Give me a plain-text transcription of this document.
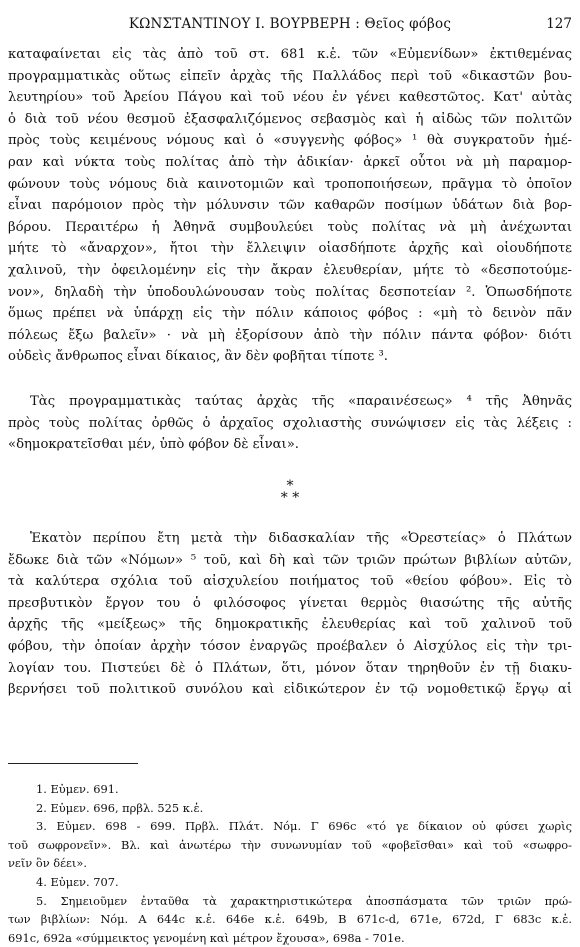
ΚΩΝΣΤΑΝΤΙΝΟΥ Ι. ΒΟΥΡΒΕΡΗ : Θεῖος φόβος	127
καταφαίνεται εἰς τὰς ἀπὸ τοῦ στ. 681 κ.ἑ. τῶν «Εὐμενίδων» ἐκτιθεμένας
προγραμματικὰς οὕτως εἰπεῖν ἀρχὰς τῆς Παλλάδος περὶ τοῦ «δικαστῶν βου-
λευτηρίου» τοῦ Ἀρείου Πάγου καὶ τοῦ νέου ἐν γένει καθεστῶτος. Κατ' αὐτὰς
ὁ διὰ τοῦ νέου θεσμοῦ ἐξασφαλιζόμενος σεβασμὸς καὶ ἡ αἰδὼς τῶν πολιτῶν
πρὸς τοὺς κειμένους νόμους καὶ ὁ «συγγενὴς φόβος» ¹ θὰ συγκρατοῦν ἡμέ-
ραν καὶ νύκτα τοὺς πολίτας ἀπὸ τὴν ἀδικίαν· ἀρκεῖ οὗτοι νὰ μὴ παραμορ-
φώνουν τοὺς νόμους διὰ καινοτομιῶν καὶ τροποποιήσεων, πρᾶγμα τὸ ὁποῖον
εἶναι παρόμοιον πρὸς τὴν μόλυνσιν τῶν καθαρῶν ποσίμων ὑδάτων διὰ βορ-
βόρου. Περαιτέρω ἡ Ἀθηνᾶ συμβουλεύει τοὺς πολίτας νὰ μὴ ἀνέχωνται
μήτε τὸ «ἄναρχον», ἤτοι τὴν ἔλλειψιν οἱασδήποτε ἀρχῆς καὶ οἱουδήποτε
χαλινοῦ, τὴν ὀφειλομένην εἰς τὴν ἄκραν ἐλευθερίαν, μήτε τὸ «δεσποτούμε-
νον», δηλαδὴ τὴν ὑποδουλώνουσαν τοὺς πολίτας δεσποτείαν ². Ὁπωσδήποτε
ὅμως πρέπει νὰ ὑπάρχῃ εἰς τὴν πόλιν κάποιος φόβος : «μὴ τὸ δεινὸν πᾶν
πόλεως ἔξω βαλεῖν» · νὰ μὴ ἐξορίσουν ἀπὸ τὴν πόλιν πάντα φόβον· διότι
οὐδεὶς ἄνθρωπος εἶναι δίκαιος, ἂν δὲν φοβῆται τίποτε ³.
Τὰς προγραμματικὰς ταύτας ἀρχὰς τῆς «παραινέσεως» ⁴ τῆς Ἀθηνᾶς
πρὸς τοὺς πολίτας ὀρθῶς ὁ ἀρχαῖος σχολιαστὴς συνώψισεν εἰς τὰς λέξεις :
«δημοκρατεῖσθαι μέν, ὑπὸ φόβον δὲ εἶναι».
*
* *
Ἑκατὸν περίπου ἔτη μετὰ τὴν διδασκαλίαν τῆς «Ὀρεστείας» ὁ Πλάτων
ἔδωκε διὰ τῶν «Νόμων» ⁵ τοῦ, καὶ δὴ καὶ τῶν τριῶν πρώτων βιβλίων αὐτῶν,
τὰ καλύτερα σχόλια τοῦ αἰσχυλείου ποιήματος τοῦ «θείου φόβου». Εἰς τὸ
πρεσβυτικὸν ἔργον του ὁ φιλόσοφος γίνεται θερμὸς θιασώτης τῆς αὐτῆς
ἀρχῆς τῆς «μείξεως» τῆς δημοκρατικῆς ἐλευθερίας καὶ τοῦ χαλινοῦ τοῦ
φόβου, τὴν ὁποίαν ἀρχὴν τόσον ἐναργῶς προέβαλεν ὁ Αἰσχύλος εἰς τὴν τρι-
λογίαν του. Πιστεύει δὲ ὁ Πλάτων, ὅτι, μόνον ὅταν τηρηθοῦν ἐν τῇ διακυ-
βερνήσει τοῦ πολιτικοῦ συνόλου καὶ εἰδικώτερον ἐν τῷ νομοθετικῷ ἔργῳ αἱ
1. Εὐμεν. 691.
2. Εὐμεν. 696, πρβλ. 525 κ.ἑ.
3. Εὐμεν. 698 - 699. Πρβλ. Πλάτ. Νόμ. Γ 696c «τό γε δίκαιον οὐ φύσει χωρὶς
τοῦ σωφρονεῖν». Βλ. καὶ ἀνωτέρω τὴν συνωνυμίαν τοῦ «φοβεῖσθαι» καὶ τοῦ «σωφρο-
νεῖν ὃν δέει».
4. Εὐμεν. 707.
5. Σημειοῦμεν ἐνταῦθα τὰ χαρακτηριστικώτερα ἀποσπάσματα τῶν τριῶν πρώ-
των βιβλίων: Νόμ. Α 644c κ.ἑ. 646e κ.ἑ. 649b, Β 671c-d, 671e, 672d, Γ 683c κ.ἑ.
691c, 692a «σύμμεικτος γενομένη καὶ μέτρον ἔχουσα», 698a - 701e.
